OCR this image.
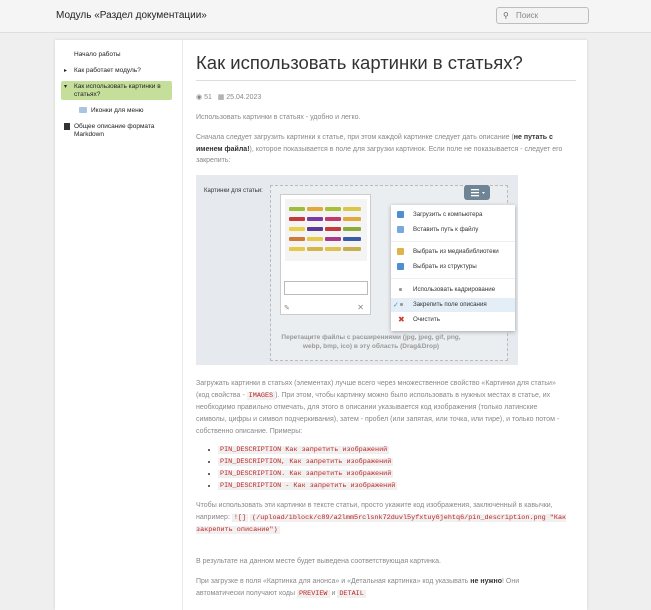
Модуль «Раздел документации»	⚲ Поиск
Начало работы
▸	Как работает модуль?
▾	Как использовать картинки в статьях?
Иконки для меню
Общее описание формата Markdown
Как использовать картинки в статьях?
◉ 51 ▦ 25.04.2023
Использовать картинки в статьях - удобно и легко.
Сначала следует загрузить картинки к статье, при этом каждой картинке следует дать описание (не путать с именем файла!), которое показывается в поле для загрузки картинок. Если поле не показывается - следует его закрепить:
Картинки для статьи:
✎	✕
Загрузить с компьютера
Вставить путь к файлу
Выбрать из медиабиблиотеки
Выбрать из структуры
Использовать кадрирование
✓ Закрепить поле описания
✖ Очистить
Перетащите файлы с расширениями (jpg, jpeg, gif, png, webp, bmp, ico) в эту область (Drag&Drop)
Загружать картинки в статьях (элементах) лучше всего через множественное свойство «Картинки для статьи» (код свойства - IMAGES ). При этом, чтобы картинку можно было использовать в нужных местах в статье, их необходимо правильно отмечать, для этого в описании указывается код изображения (только латинские символы, цифры и символ подчеркивания), затем - пробел (или запятая, или точка, или тире), и только потом - собственно описание. Примеры:
• PIN_DESCRIPTION Как запретить изображений
• PIN_DESCRIPTION, Как запретить изображений
• PIN_DESCRIPTION. Как запретить изображений
• PIN_DESCRIPTION - Как запретить изображений
Чтобы использовать эти картинки в тексте статьи, просто укажите код изображения, заключенный в кавычки, например: ![] (/upload/iblock/c89/a2lmm5rclsnk72duvl5yfxtuy6jehtq6/pin_description.png "Как закрепить описание")
В результате на данном месте будет выведена соответствующая картинка.
При загрузке в поля «Картинка для анонса» и «Детальная картинка» код указывать не нужно! Они автоматически получают коды PREVIEW и DETAIL
